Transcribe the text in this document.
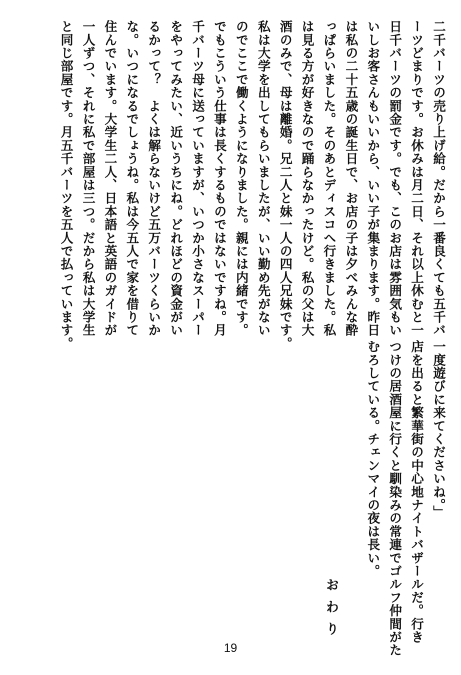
二千バーツの売り上げ給。だから一番良くても五千バ

ーツどまりです。お休みは月二日、それ以上休むと一

日千バーツの罰金です。でも、このお店は雰囲気もい

いしお客さんもいいから、いい子が集まります。昨日

は私の二十五歳の誕生日で、お店の子は夕べみんな酔

っぱらいました。そのあとディスコへ行きました。私

は見る方が好きなので踊らなかったけど。私の父は大

酒のみで、母は離婚。兄二人と妹一人の四人兄妹です。

私は大学を出してもらいましたが、いい勤め先がない

のでここで働くようになりました。親には内緒です。

でもこういう仕事は長くするものではないですね。月

千バーツ母に送っていますが、いつか小さなスーパー

をやってみたい、近いうちにね。どれほどの資金がい

るかって？　よくは解らないけど五万バーツくらいか

な。いつになるでしょうね。私は今五人で家を借りて

住んでいます。大学生二人、日本語と英語のガイドが

一人ずつ、それに私で部屋は三つ。だから私は大学生

と同じ部屋です。月五千バーツを五人で払っています。

一度遊びに来てくださいね。」

店を出ると繁華街の中心地ナイトバザールだ。行き

つけの居酒屋に行くと馴染みの常連でゴルフ仲間がた

むろしている。チェンマイの夜は長い。

おわり
19
